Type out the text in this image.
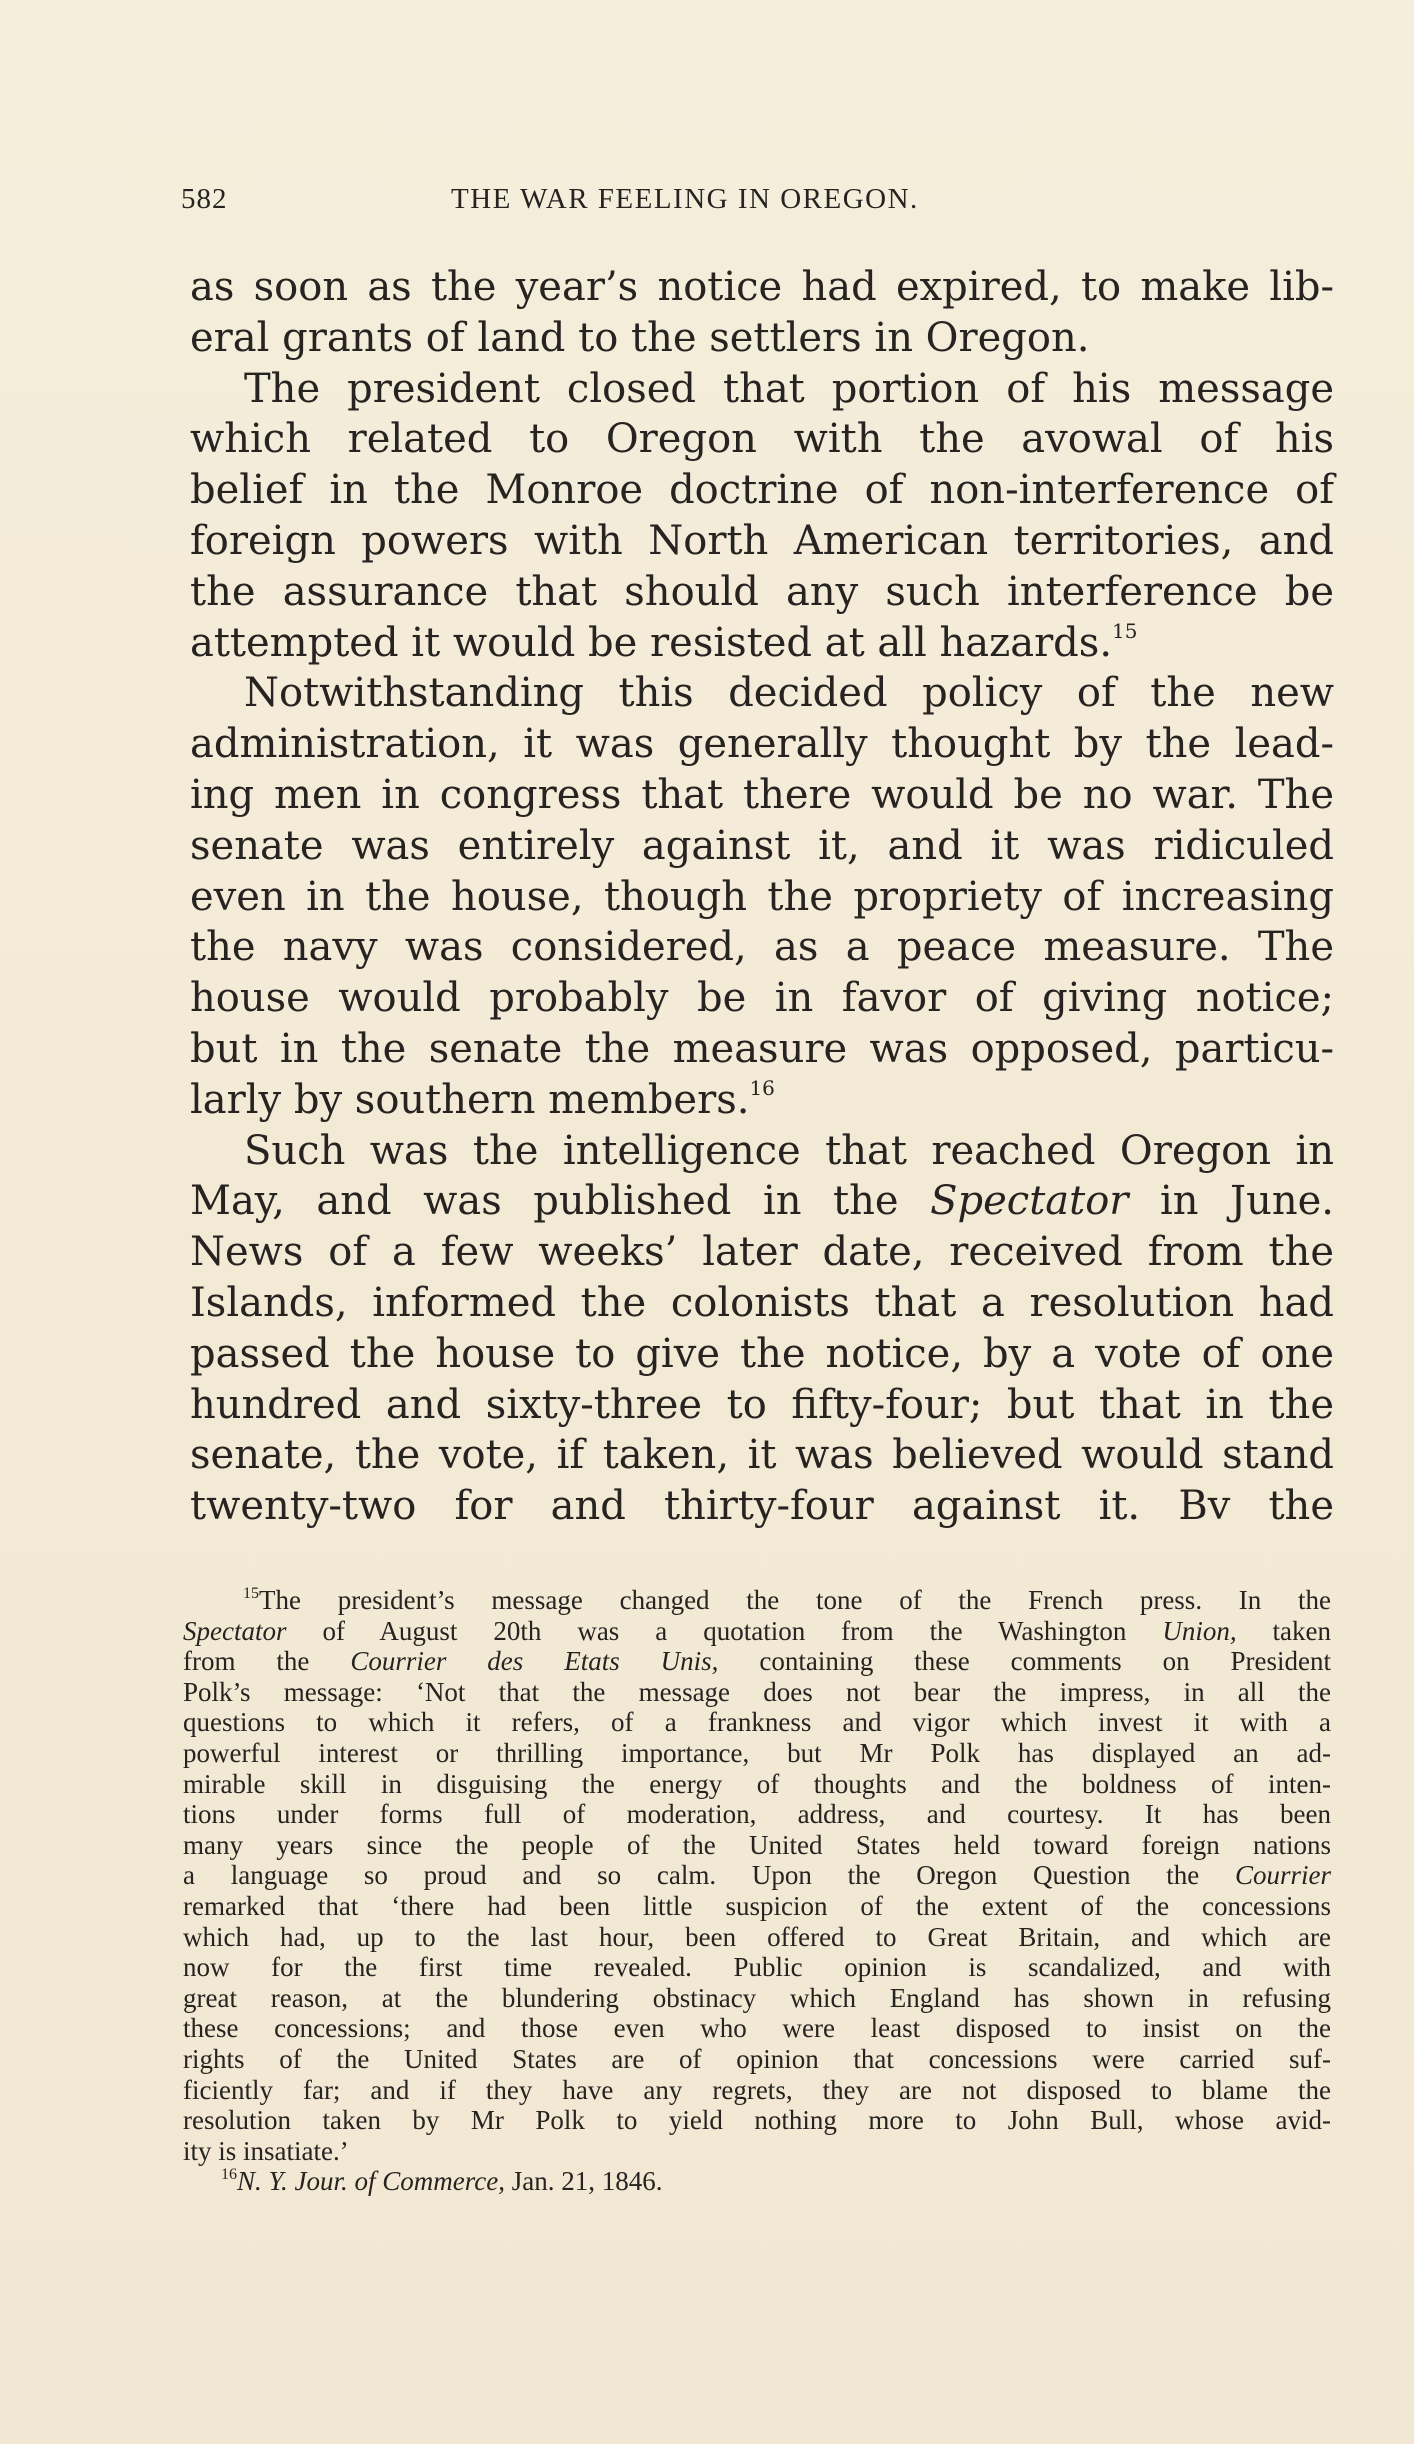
582	THE WAR FEELING IN OREGON.
as soon as the year’s notice had expired, to make lib-
eral grants of land to the settlers in Oregon.
The president closed that portion of his message
which related to Oregon with the avowal of his
belief in the Monroe doctrine of non-interference of
foreign powers with North American territories, and
the assurance that should any such interference be
attempted it would be resisted at all hazards.$^{15}$
Notwithstanding this decided policy of the new
administration, it was generally thought by the lead-
ing men in congress that there would be no war. The
senate was entirely against it, and it was ridiculed
even in the house, though the propriety of increasing
the navy was considered, as a peace measure. The
house would probably be in favor of giving notice;
but in the senate the measure was opposed, particu-
larly by southern members.$^{16}$
Such was the intelligence that reached Oregon in
May, and was published in the Spectator in June.
News of a few weeks’ later date, received from the
Islands, informed the colonists that a resolution had
passed the house to give the notice, by a vote of one
hundred and sixty-three to fifty-four; but that in the
senate, the vote, if taken, it was believed would stand
twenty-two for and thirty-four against it. Bv the
$^{15}$The president’s message changed the tone of the French press. In the
Spectator of August 20th was a quotation from the Washington Union, taken
from the Courrier des Etats Unis, containing these comments on President
Polk’s message: ‘Not that the message does not bear the impress, in all the
questions to which it refers, of a frankness and vigor which invest it with a
powerful interest or thrilling importance, but Mr Polk has displayed an ad-
mirable skill in disguising the energy of thoughts and the boldness of inten-
tions under forms full of moderation, address, and courtesy. It has been
many years since the people of the United States held toward foreign nations
a language so proud and so calm. Upon the Oregon Question the Courrier
remarked that ‘there had been little suspicion of the extent of the concessions
which had, up to the last hour, been offered to Great Britain, and which are
now for the first time revealed. Public opinion is scandalized, and with
great reason, at the blundering obstinacy which England has shown in refusing
these concessions; and those even who were least disposed to insist on the
rights of the United States are of opinion that concessions were carried suf-
ficiently far; and if they have any regrets, they are not disposed to blame the
resolution taken by Mr Polk to yield nothing more to John Bull, whose avid-
ity is insatiate.’
$^{16}$N. Y. Jour. of Commerce, Jan. 21, 1846.
